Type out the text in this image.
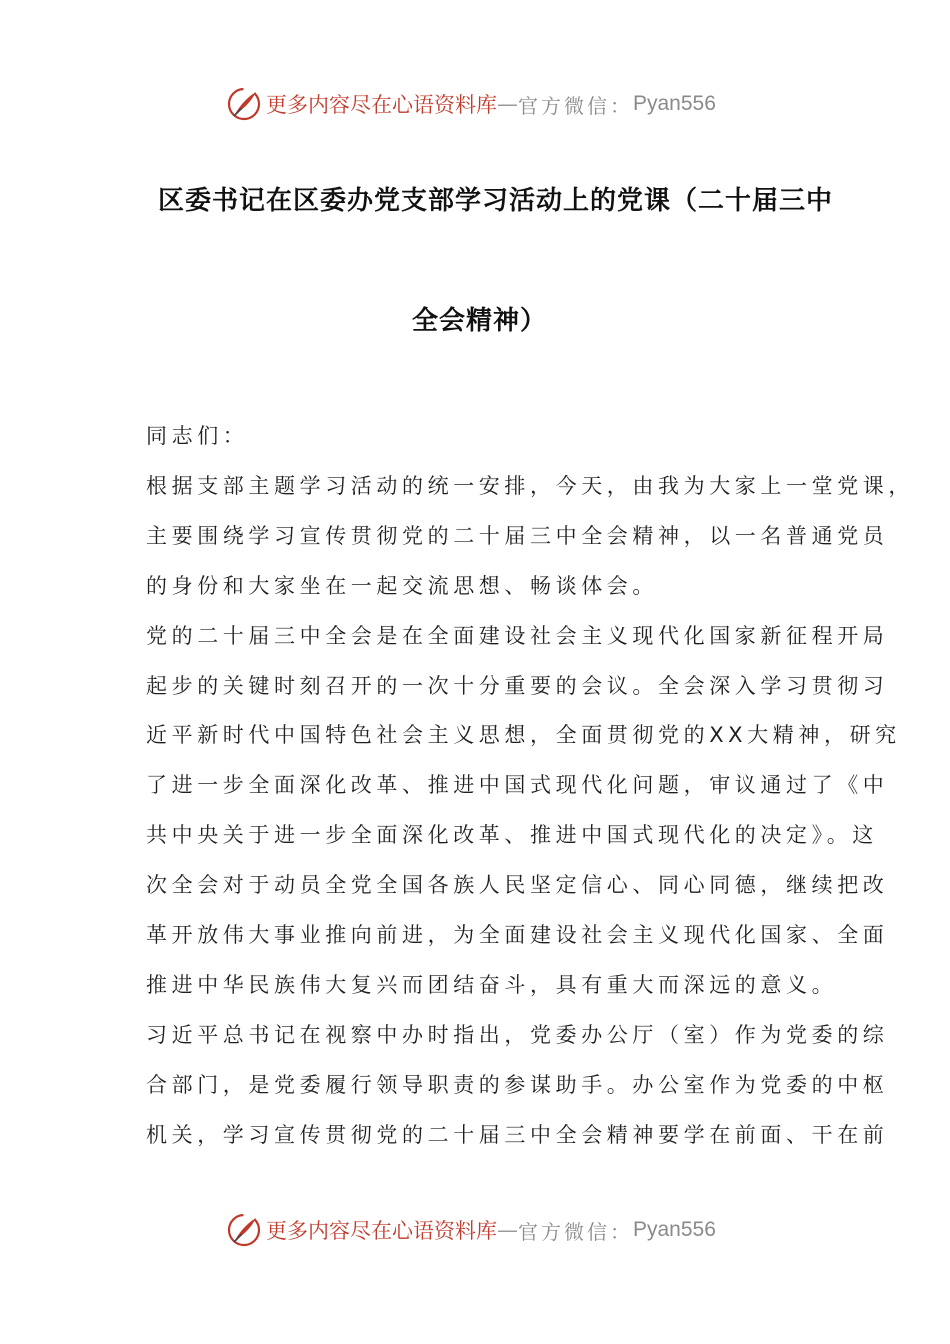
更多内容尽在心语资料库 — 官方微信： Pyan556
区委书记在区委办党支部学习活动上的党课（二十届三中
全会精神）
同志们：
根据支部主题学习活动的统一安排，今天，由我为大家上一堂党课，
主要围绕学习宣传贯彻党的二十届三中全会精神，以一名普通党员
的身份和大家坐在一起交流思想、畅谈体会。
党的二十届三中全会是在全面建设社会主义现代化国家新征程开局
起步的关键时刻召开的一次十分重要的会议。全会深入学习贯彻习
近平新时代中国特色社会主义思想，全面贯彻党的XX大精神，研究
了进一步全面深化改革、推进中国式现代化问题，审议通过了《中
共中央关于进一步全面深化改革、推进中国式现代化的决定》。这
次全会对于动员全党全国各族人民坚定信心、同心同德，继续把改
革开放伟大事业推向前进，为全面建设社会主义现代化国家、全面
推进中华民族伟大复兴而团结奋斗，具有重大而深远的意义。
习近平总书记在视察中办时指出，党委办公厅（室）作为党委的综
合部门，是党委履行领导职责的参谋助手。办公室作为党委的中枢
机关，学习宣传贯彻党的二十届三中全会精神要学在前面、干在前
更多内容尽在心语资料库 — 官方微信： Pyan556
